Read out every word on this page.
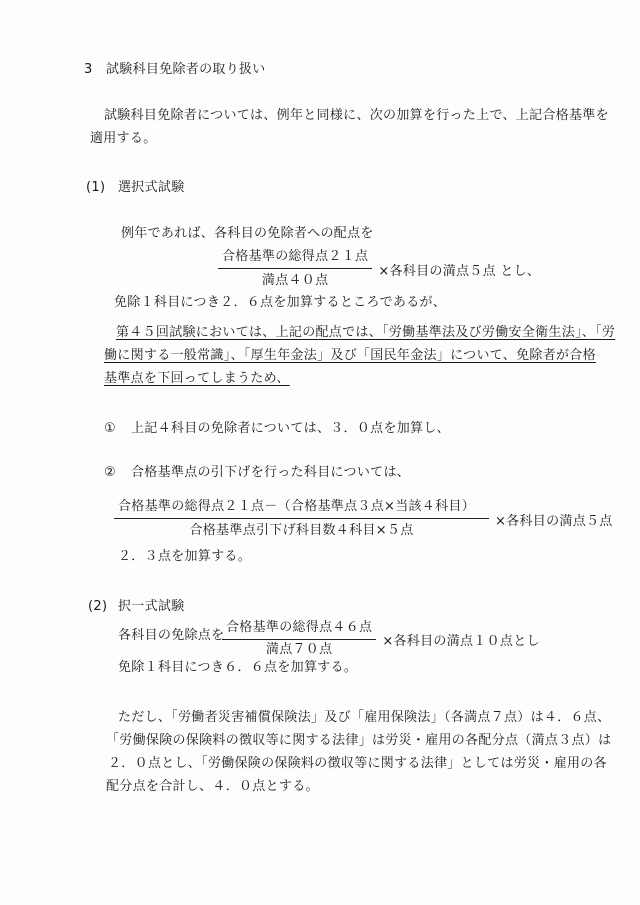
3 試験科目免除者の取り扱い
試験科目免除者については、例年と同様に、次の加算を行った上で、上記合格基準を
適用する。
(1) 選択式試験
例年であれば、各科目の免除者への配点を
$\frac{\text{合格基準の総得点２１点}}{\text{満点４０点}}$ ×各科目の満点５点 とし、
免除１科目につき２．６点を加算するところであるが、
第４５回試験においては、上記の配点では、「労働基準法及び労働安全衛生法」、「労
働に関する一般常識」、「厚生年金法」及び「国民年金法」について、免除者が合格
基準点を下回ってしまうため、
① 上記４科目の免除者については、３．０点を加算し、
② 合格基準点の引下げを行った科目については、
$\frac{\text{合格基準の総得点２１点－（合格基準点３点×当該４科目）}}{\text{合格基準点引下げ科目数４科目×５点}}$ ×各科目の満点５点
２．３点を加算する。
(2) 択一式試験
各科目の免除点を
$\frac{\text{合格基準の総得点４６点}}{\text{満点７０点}}$ ×各科目の満点１０点とし
免除１科目につき６．６点を加算する。
ただし、「労働者災害補償保険法」及び「雇用保険法」（各満点７点）は４．６点、
「労働保険の保険料の徴収等に関する法律」は労災・雇用の各配分点（満点３点）は
２．０点とし、「労働保険の保険料の徴収等に関する法律」としては労災・雇用の各
配分点を合計し、４．０点とする。
